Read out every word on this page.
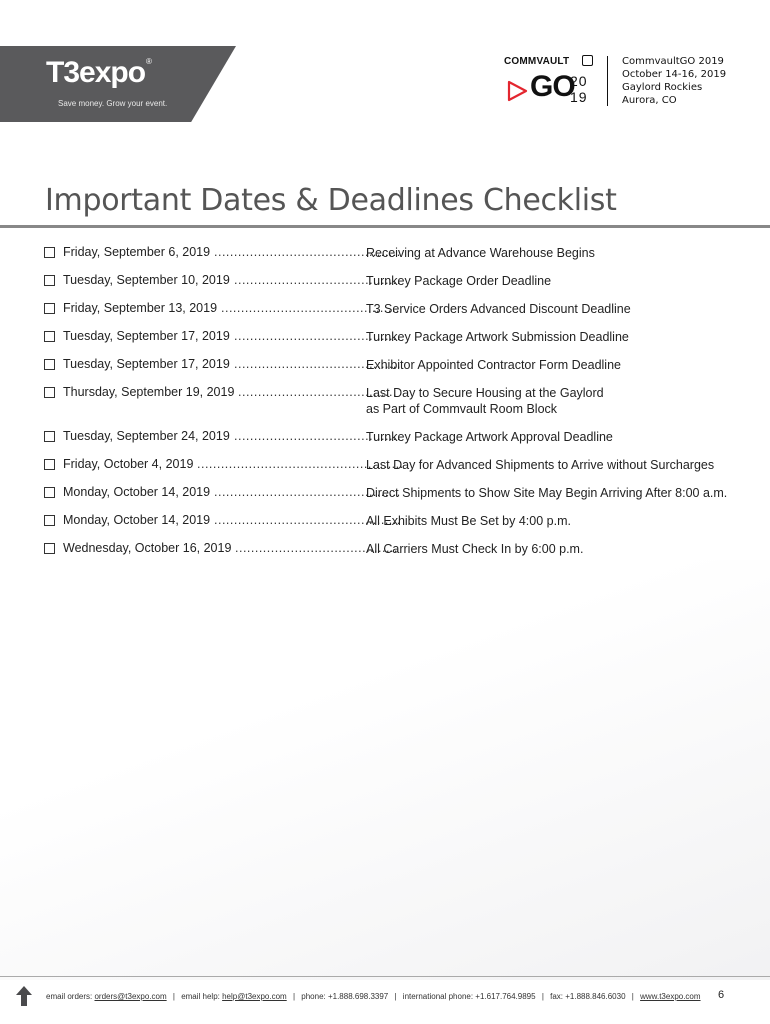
T3expo®
Save money. Grow your event.
COMMVAULT
GO
20
19
CommvaultGO 2019
October 14-16, 2019
Gaylord Rockies
Aurora, CO
Important Dates & Deadlines Checklist
Friday, September 6, 2019 ...............................................
Receiving at Advance Warehouse Begins
Tuesday, September 10, 2019 ..........................................
Turnkey Package Order Deadline
Friday, September 13, 2019 .............................................
T3 Service Orders Advanced Discount Deadline
Tuesday, September 17, 2019 ..........................................
Turnkey Package Artwork Submission Deadline
Tuesday, September 17, 2019 ..........................................
Exhibitor Appointed Contractor Form Deadline
Thursday, September 19, 2019 ........................................
Last Day to Secure Housing at the Gaylord
as Part of Commvault Room Block
Tuesday, September 24, 2019 ..........................................
Turnkey Package Artwork Approval Deadline
Friday, October 4, 2019 ....................................................
Last Day for Advanced Shipments to Arrive without Surcharges
Monday, October 14, 2019 ...............................................
Direct Shipments to Show Site May Begin Arriving After 8:00 a.m.
Monday, October 14, 2019 ...............................................
All Exhibits Must Be Set by 4:00 p.m.
Wednesday, October 16, 2019 .........................................
All Carriers Must Check In by 6:00 p.m.
email orders: orders@t3expo.com | email help: help@t3expo.com | phone: +1.888.698.3397 | international phone: +1.617.764.9895 | fax: +1.888.846.6030 | www.t3expo.com 6
